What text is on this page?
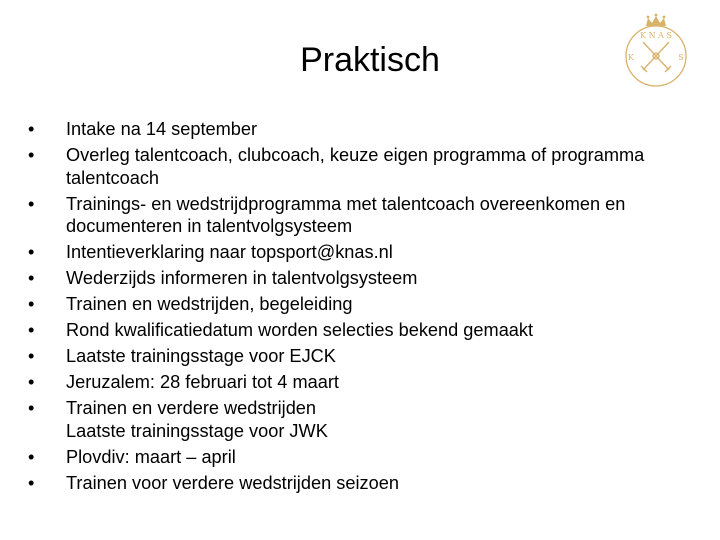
Praktisch
K N A S
K	S
•	Intake na 14 september
•	Overleg talentcoach, clubcoach, keuze eigen programma of programma talentcoach
•	Trainings- en wedstrijdprogramma met talentcoach overeenkomen en documenteren in talentvolgsysteem
•	Intentieverklaring naar topsport@knas.nl
•	Wederzijds informeren in talentvolgsysteem
•	Trainen en wedstrijden, begeleiding
•	Rond kwalificatiedatum worden selecties bekend gemaakt
•	Laatste trainingsstage voor EJCK
•	Jeruzalem: 28 februari tot 4 maart
•	Trainen en verdere wedstrijden
Laatste trainingsstage voor JWK
•	Plovdiv: maart – april
•	Trainen voor verdere wedstrijden seizoen
